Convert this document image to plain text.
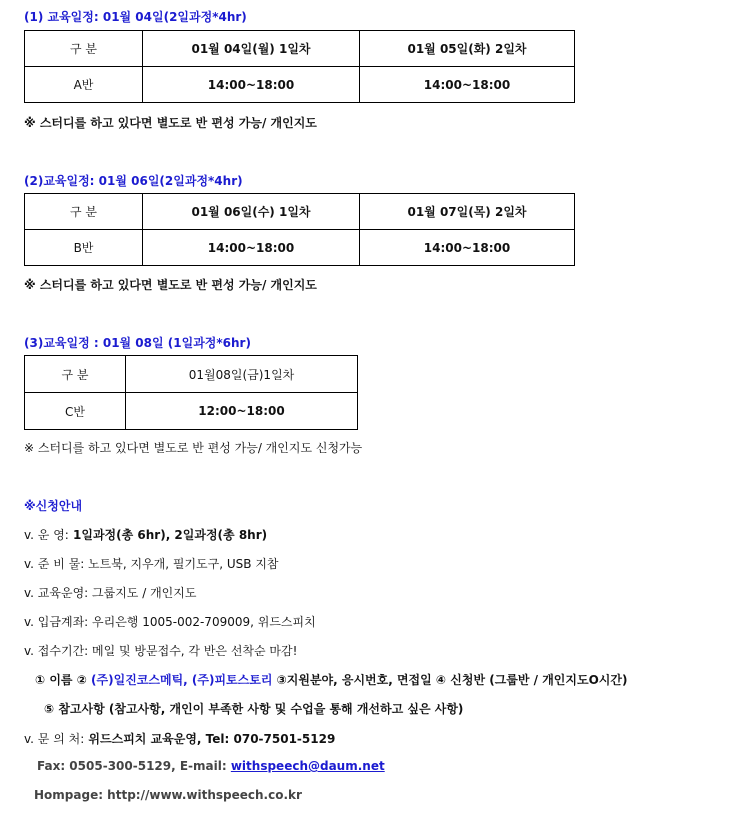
(1) 교육일정: 01월 04일(2일과정*4hr)
구 분	01월 04일(월) 1일차	01월 05일(화) 2일차
A반	14:00~18:00	14:00~18:00
※ 스터디를 하고 있다면 별도로 반 편성 가능/ 개인지도
(2)교육일정: 01월 06일(2일과정*4hr)
구 분	01월 06일(수) 1일차	01월 07일(목) 2일차
B반	14:00~18:00	14:00~18:00
※ 스터디를 하고 있다면 별도로 반 편성 가능/ 개인지도
(3)교육일정 : 01월 08일 (1일과정*6hr)
구 분	01월08일(금)1일차
C반	12:00~18:00
※ 스터디를 하고 있다면 별도로 반 편성 가능/ 개인지도 신청가능
※신청안내
v. 운 영: 1일과정(총 6hr), 2일과정(총 8hr)
v. 준 비 물: 노트북, 지우개, 필기도구, USB 지참
v. 교육운영: 그룹지도 / 개인지도
v. 입금계좌: 우리은행 1005-002-709009, 위드스피치
v. 접수기간: 메일 및 방문접수, 각 반은 선착순 마감!
① 이름 ② (주)일진코스메틱, (주)피토스토리 ③지원분야, 응시번호, 면접일 ④ 신청반 (그룹반 / 개인지도O시간)
⑤ 참고사항 (참고사항, 개인이 부족한 사항 및 수업을 통해 개선하고 싶은 사항)
v. 문 의 처: 위드스피치 교육운영, Tel: 070-7501-5129
Fax: 0505-300-5129, E-mail: withspeech@daum.net
Hompage: http://www.withspeech.co.kr
